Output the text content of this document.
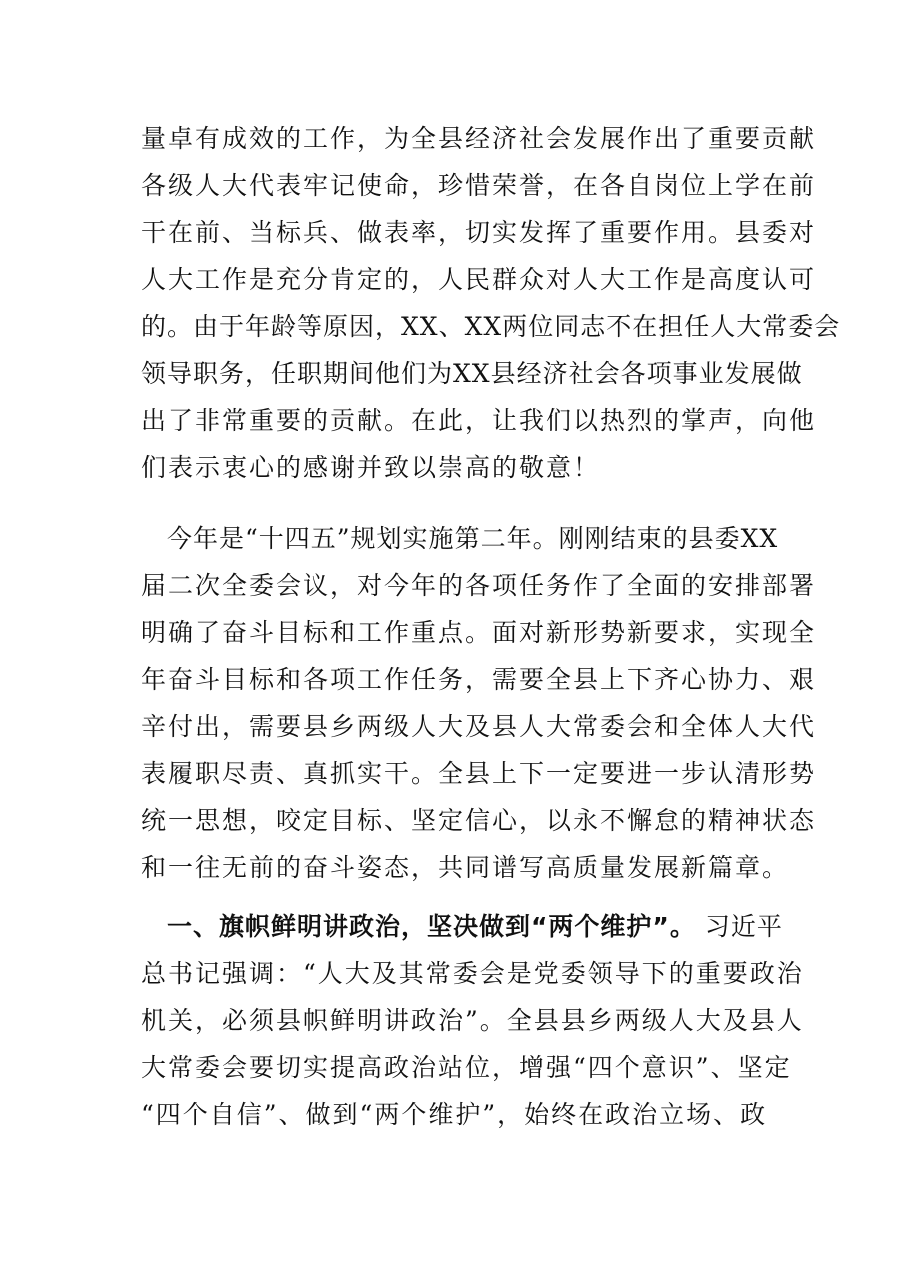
量卓有成效的工作，为全县经济社会发展作出了重要贡献
各级人大代表牢记使命，珍惜荣誉，在各自岗位上学在前
干在前、当标兵、做表率，切实发挥了重要作用。县委对
人大工作是充分肯定的，人民群众对人大工作是高度认可
的。由于年龄等原因，XX、XX两位同志不在担任人大常委会
领导职务，任职期间他们为XX县经济社会各项事业发展做
出了非常重要的贡献。在此，让我们以热烈的掌声，向他
们表示衷心的感谢并致以崇高的敬意！
　今年是“十四五”规划实施第二年。刚刚结束的县委XX
届二次全委会议，对今年的各项任务作了全面的安排部署
明确了奋斗目标和工作重点。面对新形势新要求，实现全
年奋斗目标和各项工作任务，需要全县上下齐心协力、艰
辛付出，需要县乡两级人大及县人大常委会和全体人大代
表履职尽责、真抓实干。全县上下一定要进一步认清形势
统一思想，咬定目标、坚定信心，以永不懈怠的精神状态
和一往无前的奋斗姿态，共同谱写高质量发展新篇章。
　一、旗帜鲜明讲政治，坚决做到“两个维护”。 习近平
总书记强调：“人大及其常委会是党委领导下的重要政治
机关，必须县帜鲜明讲政治”。全县县乡两级人大及县人
大常委会要切实提高政治站位，增强“四个意识”、坚定
“四个自信”、做到“两个维护”，始终在政治立场、政
